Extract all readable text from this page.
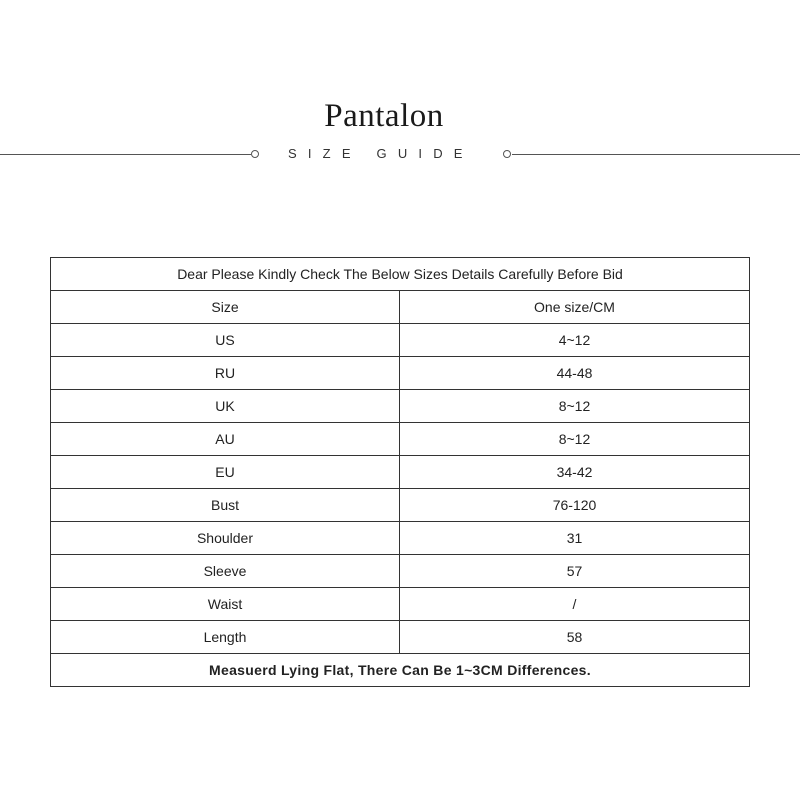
Pantalon
SIZE GUIDE
Dear Please Kindly Check The Below Sizes Details Carefully Before Bid	
Size	One size/CM
US	4~12
RU	44-48
UK	8~12
AU	8~12
EU	34-42
Bust	76-120
Shoulder	31
Sleeve	57
Waist	/
Length	58
Measuerd Lying Flat, There Can Be 1~3CM Differences.	
